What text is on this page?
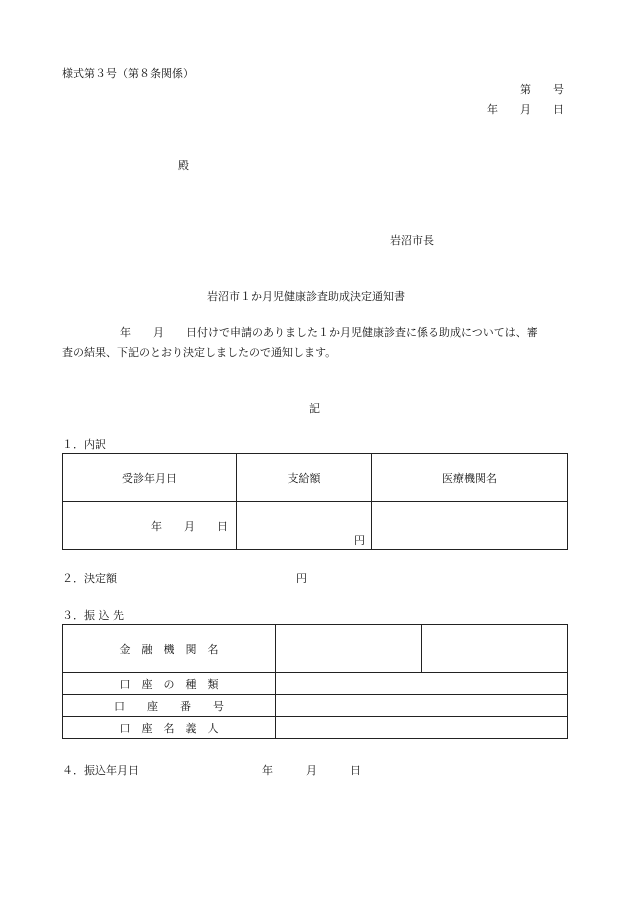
様式第３号（第８条関係）
第　　号
年　　月　　日
殿
岩沼市長
岩沼市１か月児健康診査助成決定通知書
年　　月　　日付けで申請のありました１か月児健康診査に係る助成については、審
査の結果、下記のとおり決定しましたので通知します。
記
１．内訳
受診年月日	支給額	医療機関名

年　　月　　日	円	

２．決定額	円
３．振 込 先
金　融　機　関　名		
口　座　の　種　類		
口　　座　　番　　号		
口　座　名　義　人		
４．振込年月日	年　　　月　　　日
